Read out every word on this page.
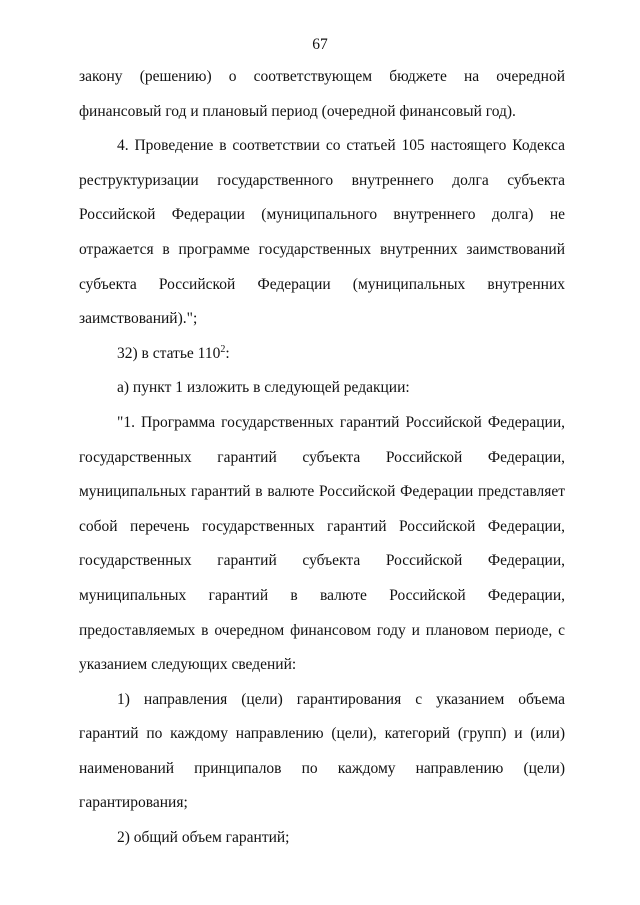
67

закону (решению) о соответствующем бюджете на очередной финансовый год и плановый период (очередной финансовый год).

4. Проведение в соответствии со статьей 105 настоящего Кодекса реструктуризации государственного внутреннего долга субъекта Российской Федерации (муниципального внутреннего долга) не отражается в программе государственных внутренних заимствований субъекта Российской Федерации (муниципальных внутренних заимствований).";

32) в статье $110^2$:

а) пункт 1 изложить в следующей редакции:

"1. Программа государственных гарантий Российской Федерации, государственных гарантий субъекта Российской Федерации, муниципальных гарантий в валюте Российской Федерации представляет собой перечень государственных гарантий Российской Федерации, государственных гарантий субъекта Российской Федерации, муниципальных гарантий в валюте Российской Федерации, предоставляемых в очередном финансовом году и плановом периоде, с указанием следующих сведений:

1) направления (цели) гарантирования с указанием объема гарантий по каждому направлению (цели), категорий (групп) и (или) наименований принципалов по каждому направлению (цели) гарантирования;

2) общий объем гарантий;
